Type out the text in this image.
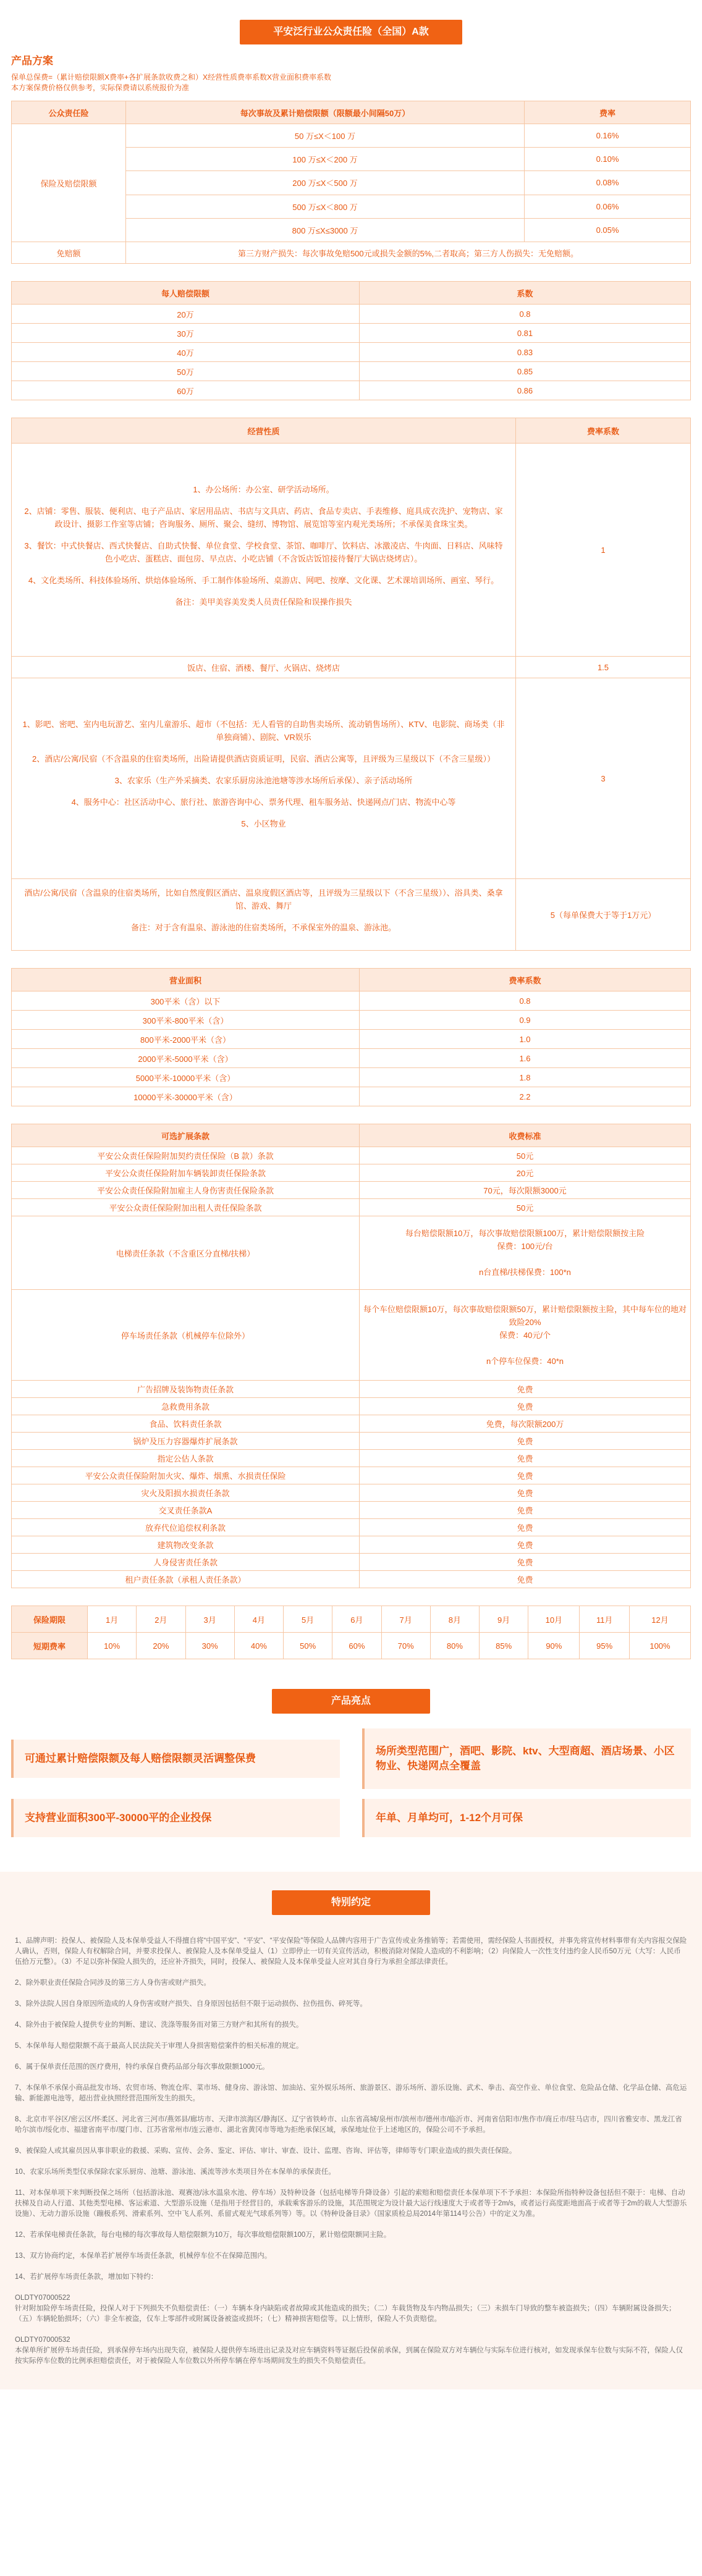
平安泛行业公众责任险（全国）A款
产品方案
保单总保费=（累计赔偿限额X费率+各扩展条款收费之和）X经营性质费率系数X营业面积费率系数
本方案保费价格仅供参考，实际保费请以系统报价为准
公众责任险	每次事故及累计赔偿限额（限额最小间隔50万）	费率
保险及赔偿限额	50 万≤X＜100 万	0.16%
	100 万≤X＜200 万	0.10%
	200 万≤X＜500 万	0.08%
	500 万≤X＜800 万	0.06%
	800 万≤X≤3000 万	0.05%
免赔额	第三方财产损失：每次事故免赔500元或损失金额的5%,二者取高；第三方人伤损失：无免赔额。	
每人赔偿限额	系数
20万	0.8
30万	0.81
40万	0.83
50万	0.85
60万	0.86
经营性质	费率系数

1、办公场所：办公室、研学活动场所。

2、店铺：零售、服装、便利店、电子产品店、家居用品店、书店与文具店、药店、食品专卖店、手表维修、庭具成衣洗护、宠物店、家政设计、摄影工作室等店铺；咨询服务、厕所、聚会、缝纫、博物馆、展览馆等室内观光类场所；不承保美食珠宝类。

3、餐饮：中式快餐店、西式快餐店、自助式快餐、单位食堂、学校食堂、茶馆、咖啡厅、饮料店、冰激凌店、牛肉面、日料店、风味特色小吃店、蛋糕店、面包房、早点店、小吃店铺（不含饭店饭馆接待餐厅大锅店烧烤店）。

4、文化类场所、科技体验场所、烘焙体验场所、手工制作体验场所、桌游店、网吧、按摩、文化课、艺术课培训场所、画室、琴行。

备注：美甲美容美发类人员责任保险和误操作损失	1
饭店、住宿、酒楼、餐厅、火锅店、烧烤店	1.5

1、影吧、密吧、室内电玩游艺、室内儿童游乐、超市（不包括：无人看管的自助售卖场所、流动销售场所）、KTV、电影院、商场类（非单独商铺）、剧院、VR娱乐

2、酒店/公寓/民宿（不含温泉的住宿类场所，出险请提供酒店资质证明，民宿、酒店公寓等，且评级为三星级以下（不含三星级））

3、农家乐（生产外采摘类、农家乐厨房泳池池塘等涉水场所后承保）、亲子活动场所

4、服务中心：社区活动中心、旅行社、旅游咨询中心、票务代理、租车服务站、快递网点/门店、物流中心等

5、小区物业	3

酒店/公寓/民宿（含温泉的住宿类场所，比如自然度假区酒店、温泉度假区酒店等，且评级为三星级以下（不含三星级））、浴具类、桑拿馆、游戏、舞厅

备注：对于含有温泉、游泳池的住宿类场所，不承保室外的温泉、游泳池。	5（每单保费大于等于1万元）
营业面积	费率系数
300平米（含）以下	0.8
300平米-800平米（含）	0.9
800平米-2000平米（含）	1.0
2000平米-5000平米（含）	1.6
5000平米-10000平米（含）	1.8
10000平米-30000平米（含）	2.2
可选扩展条款	收费标准
平安公众责任保险附加契约责任保险（B 款）条款	50元
平安公众责任保险附加车辆装卸责任保险条款	20元
平安公众责任保险附加雇主人身伤害责任保险条款	70元，每次限额3000元
平安公众责任保险附加出租人责任保险条款	50元
电梯责任条款（不含重区分直梯/扶梯）	每台赔偿限额10万，每次事故赔偿限额100万，累计赔偿限额按主险
保费：100元/台

n台直梯/扶梯保费：100*n
停车场责任条款（机械停车位除外）	每个车位赔偿限额10万，每次事故赔偿限额50万，累计赔偿限额按主险，其中每车位的地对致险20%
保费：40元/个

n个停车位保费：40*n
广告招牌及装饰物责任条款	免费
急救费用条款	免费
食品、饮料责任条款	免费，每次限额200万
锅炉及压力容器爆炸扩展条款	免费
指定公估人条款	免费
平安公众责任保险附加火灾、爆炸、烟熏、水损责任保险	免费
灾火及阳损水损责任条款	免费
交叉责任条款A	免费
放弃代位追偿权利条款	免费
建筑物改变条款	免费
人身侵害责任条款	免费
租户责任条款（承租人责任条款）	免费
保险期限	1月	2月	3月	4月	5月	6月	7月	8月	9月	10月	11月	12月
短期费率	10%	20%	30%	40%	50%	60%	70%	80%	85%	90%	95%	100%
产品亮点
可通过累计赔偿限额及每人赔偿限额灵活调整保费
场所类型范围广，酒吧、影院、ktv、大型商超、酒店场景、小区物业、快递网点全覆盖
支持营业面积300平-30000平的企业投保	年单、月单均可，1-12个月可保
特别约定

1、品牌声明：投保人、被保险人及本保单受益人不得擅自将“中国平安”、“平安”、“平安保险”等保险人品牌内容用于广告宣传或业务推销等；若需使用，需经保险人书面授权，并事先将宣传材料事带有关内容报交保险人确认，否则，保险人有权解除合同，并要求投保人、被保险人及本保单受益人（1）立即停止一切有关宣传活动，积极消除对保险人造成的不利影响；（2）向保险人一次性支付违约金人民币50万元（大写：人民币伍拾万元整）。（3）不足以弥补保险人损失的，还应补齐损失，同时，投保人、被保险人及本保单受益人应对其自身行为承担全部法律责任。

2、除外职业责任保险合同涉及的第三方人身伤害或财产损失。

3、除外法院人因自身原因所造成的人身伤害或财产损失、自身原因包括但不限于运动损伤、拉伤扭伤、碎死等。

4、除外由于被保险人提供专业的判断、建议、洗涤等服务而对第三方财产和其所有的损失。

5、本保单每人赔偿限额不高于最高人民法院关于审理人身损害赔偿案件的相关标准的规定。

6、属于保单责任范围的医疗费用，特约承保自费药品部分每次事故限额1000元。

7、本保单不承保小商品批发市场、农贸市场、物流仓库、菜市场、健身房、游泳馆、加油站、室外娱乐场所、旅游景区、游乐场所、游乐设施、武术、拳击、高空作业、单位食堂、危险品仓储、化学品仓储、高危运输、新能源电池等，超出营业执照经营范围所发生的损失。

8、北京市平谷区/密云区/怀柔区、河北省三河市/燕郊县/廊坊市、天津市滨海区/静海区、辽宁省铁岭市、山东省高城/泉州市/滨州市/德州市/临沂市、河南省信阳市/焦作市/商丘市/驻马店市，四川省雅安市、黑龙江省哈尔滨市/绥化市、福建省南平市/厦门市、江苏省常州市/连云港市、湖北省黄冈市等地为拒绝承保区域，承保地址位于上述地区的，保险公司不予承担。

9、被保险人或其雇员因从事非职业的救援、采购、宣传、会务、鉴定、评估、审计、审查、设计、监理、咨询、评估等，律师等专门职业造成的损失责任保险。

10、农家乐场所类型仅承保除农家乐厨房、池塘、游泳池、溪流等涉水类项目外在本保单的承保责任。

11、对本保单项下来判断投保之场所（包括游泳池、观赛池/泳水温泉水池、停车场）及特种设备（包括电梯等升降设备）引起的索赔和赔偿责任本保单项下不予承担：本保险所指特种设备包括但不限于：电梯、自动扶梯及自动人行道、其他类型电梯、客运索道、大型游乐设施（是指用于经营目的，承载乘客游乐的设施，其范围规定为设计最大运行线速度大于或者等于2m/s，或者运行高度距地面高于或者等于2m的载人大型游乐设施）、无动力游乐设施（蹦极系列、滑索系列、空中飞人系列、系留式观光气球系列等）等。以《特种设备目录》（国家质检总局2014年第114号公告）中的定义为准。

12、若承保电梯责任条款，每台电梯的每次事故每人赔偿限额为10万，每次事故赔偿限额100万，累计赔偿限额同主险。

13、双方协商约定，本保单若扩展停车场责任条款，机械停车位不在保障范围内。

14、若扩展停车场责任条款，增加如下特约：

OLDTY07000522
针对附加险停车场责任险，投保人对于下列损失不负赔偿责任：（一）车辆本身内缺陷或者故障或其他造成的损失；（二）车载货物及车内物品损失；（三）未损车门导致的整车被盗损失；（四）车辆附属设备损失；（五）车辆轮胎损坏；（六）非全车被盗，仅车上零部件或附属设备被盗或损坏；（七）精神损害赔偿等。以上情形，保险人不负责赔偿。

OLDTY07000532
本保单所扩展停车场责任险，到承保停车场内出现失窃，被保险人提供停车场进出记录及对应车辆资料等证据后投保前承保，到属在保险双方对车辆位与实际车位进行核对，如发现承保车位数与实际不符，保险人仅按实际停车位数的比例承担赔偿责任，对于被保险人车位数以外所停车辆在停车场期间发生的损失不负赔偿责任。
